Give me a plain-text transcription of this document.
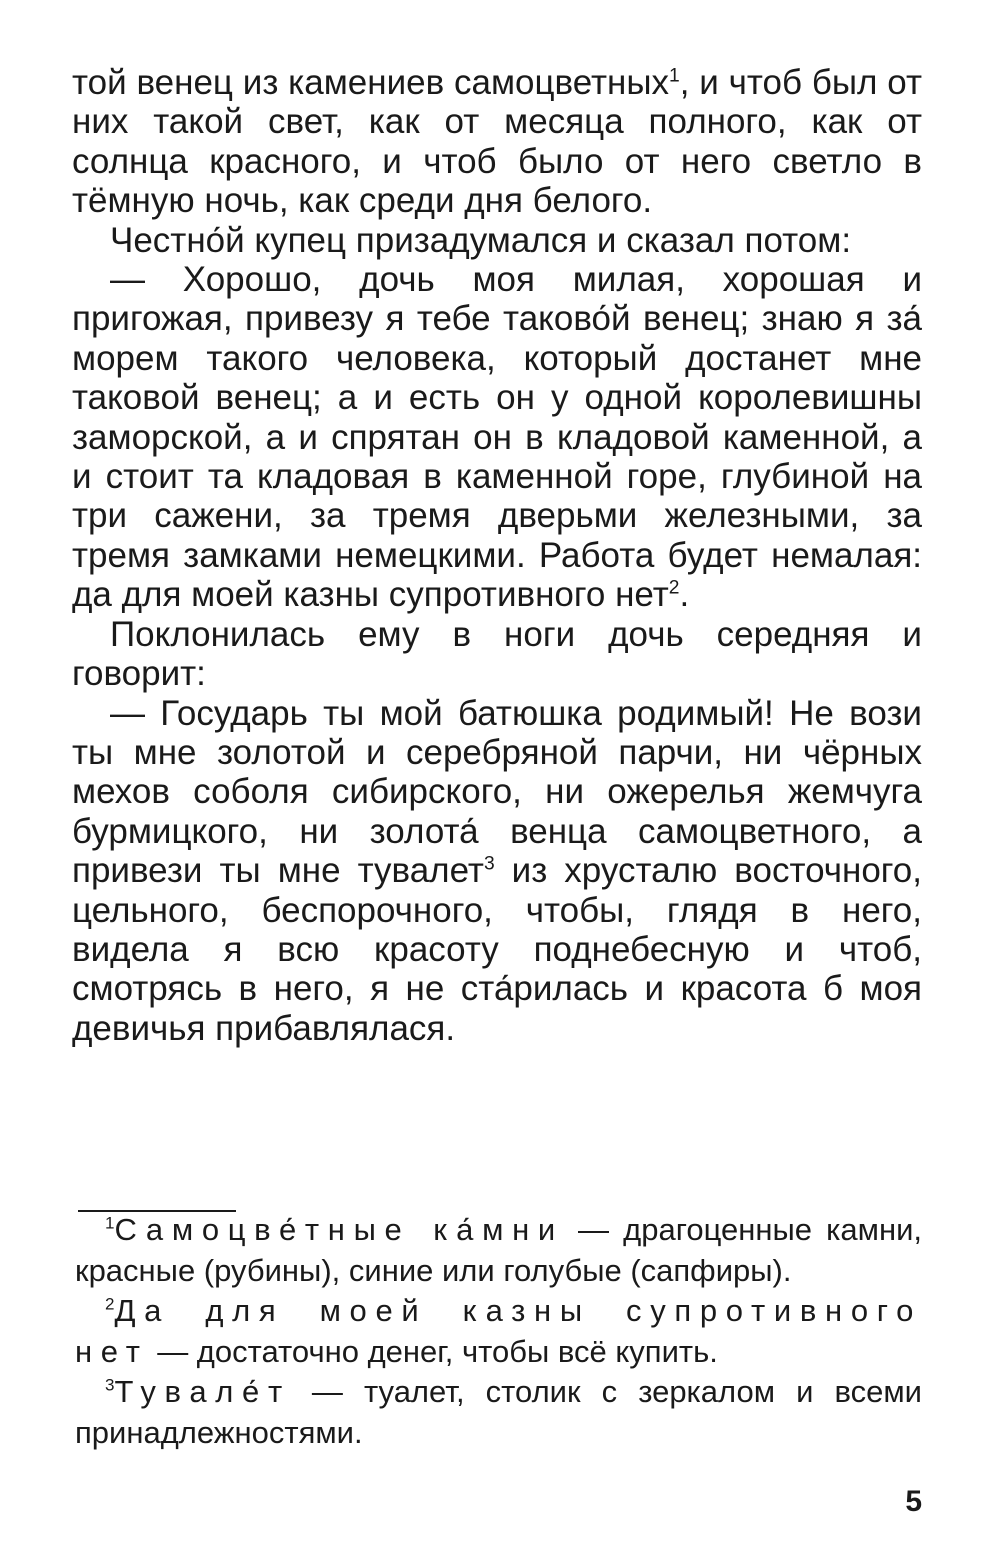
той венец из камениев самоцветных$^1$, и чтоб был от них такой свет, как от месяца полного, как от солнца красного, и чтоб было от него светло в тёмную ночь, как среди дня белого.

Честно́й купец призадумался и сказал потом:

— Хорошо, дочь моя милая, хорошая и пригожая, привезу я тебе таково́й венец; знаю я за́ морем такого человека, который достанет мне таковой венец; а и есть он у одной королевишны заморской, а и спрятан он в кладовой каменной, а и стоит та кладовая в каменной горе, глубиной на три сажени, за тремя дверьми железными, за тремя замками немецкими. Работа будет немалая: да для моей казны супротивного нет$^2$.

Поклонилась ему в ноги дочь середняя и говорит:

— Государь ты мой батюшка родимый! Не вози ты мне золотой и серебряной парчи, ни чёрных мехов соболя сибирского, ни ожерелья жемчуга бурмицкого, ни золота́ венца самоцветного, а привези ты мне тувалет$^3$ из хрусталю восточного, цельного, беспорочного, чтобы, глядя в него, видела я всю красоту поднебесную и чтоб, смотрясь в него, я не ста́рилась и красота б моя девичья прибавлялася.

$^1$Самоцве́тные ка́мни — драгоценные камни, красные (рубины), синие или голубые (сапфиры).

$^2$Да для моей казны супротивного нет — достаточно денег, чтобы всё купить.

$^3$Тувале́т — туалет, столик с зеркалом и всеми принадлежностями.

5
